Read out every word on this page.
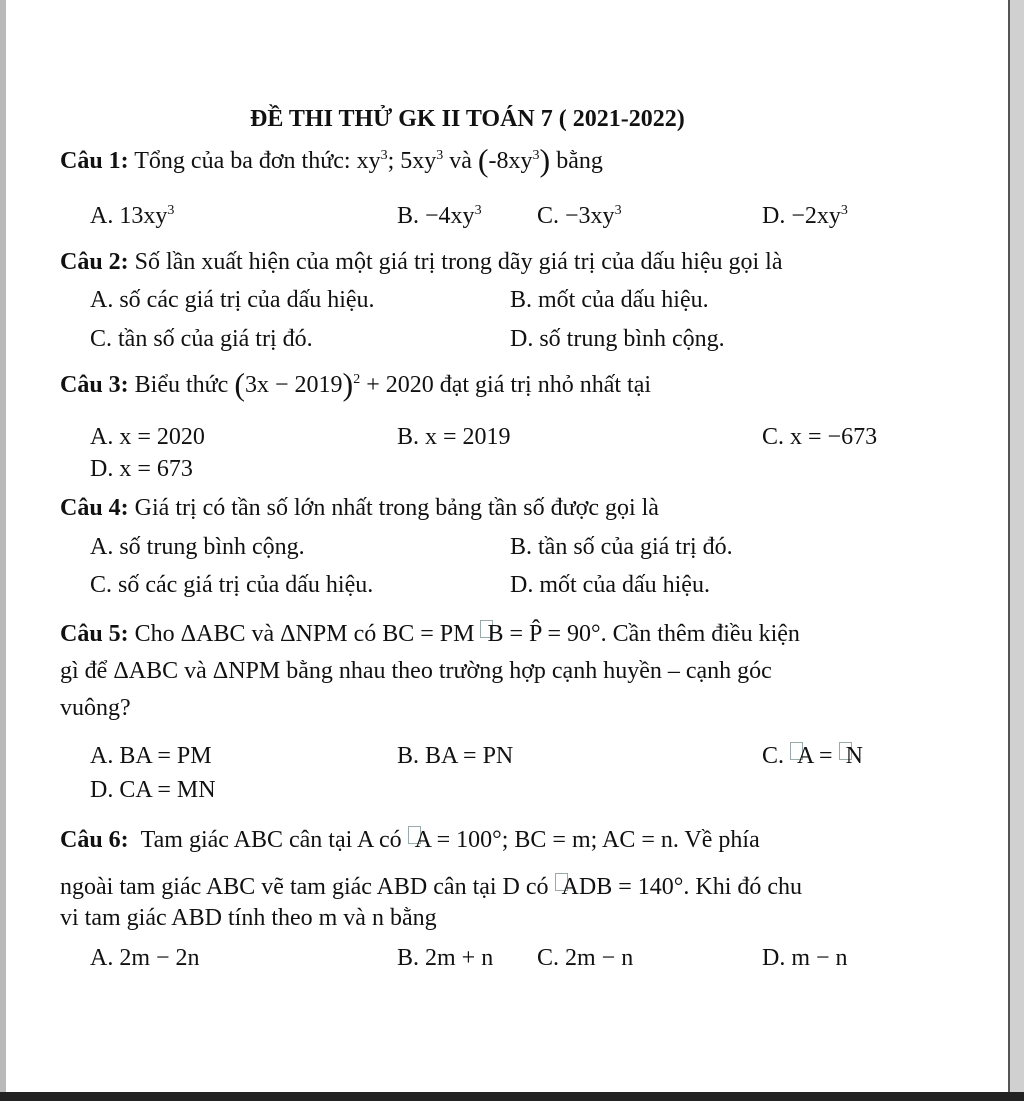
ĐỀ THI THỬ GK II TOÁN 7 ( 2021-2022)
Câu 1: Tổng của ba đơn thức: $xy^3$; $5xy^3$ và $(-8xy^3)$ bằng
A. $13xy^3$	B. $-4xy^3$ C. $-3xy^3$	D. $-2xy^3$
Câu 2: Số lần xuất hiện của một giá trị trong dãy giá trị của dấu hiệu gọi là
A. số các giá trị của dấu hiệu.	B. mốt của dấu hiệu.
C. tần số của giá trị đó.	D. số trung bình cộng.
Câu 3: Biểu thức $(3x - 2019)^2 + 2020$ đạt giá trị nhỏ nhất tại
A. x = 2020	B. x = 2019	C. x = −673
D. x = 673
Câu 4: Giá trị có tần số lớn nhất trong bảng tần số được gọi là
A. số trung bình cộng.	B. tần số của giá trị đó.
C. số các giá trị của dấu hiệu.	D. mốt của dấu hiệu.
Câu 5: Cho ΔABC và ΔNPM có BC = PM B = P̂ = 90°. Cần thêm điều kiện
gì để ΔABC và ΔNPM bằng nhau theo trường hợp cạnh huyền – cạnh góc
vuông?
A. BA = PM	B. BA = PN	C. A = N
D. CA = MN
Câu 6: Tam giác ABC cân tại A có A = 100°; BC = m; AC = n. Về phía
ngoài tam giác ABC vẽ tam giác ABD cân tại D có ADB = 140°. Khi đó chu
vi tam giác ABD tính theo m và n bằng
A. 2m − 2n	B. 2m + n C. 2m − n	D. m − n
